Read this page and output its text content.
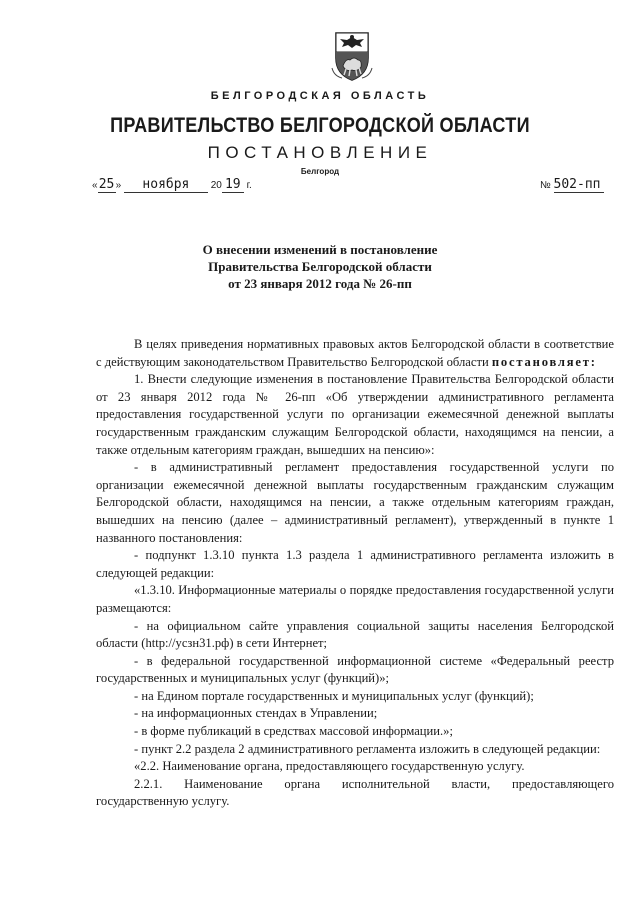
БЕЛГОРОДСКАЯ ОБЛАСТЬ
ПРАВИТЕЛЬСТВО БЕЛГОРОДСКОЙ ОБЛАСТИ
ПОСТАНОВЛЕНИЕ
Белгород
«25» ноября 20 19 г.	№ 502-пп
О внесении изменений в постановление
Правительства Белгородской области
от 23 января 2012 года № 26-пп

В целях приведения нормативных правовых актов Белгородской области в соответствие с действующим законодательством Правительство Белгородской области постановляет:

1. Внести следующие изменения в постановление Правительства Белгородской области от 23 января 2012 года № 26-пп «Об утверждении административного регламента предоставления государственной услуги по организации ежемесячной денежной выплаты государственным гражданским служащим Белгородской области, находящимся на пенсии, а также отдельным категориям граждан, вышедших на пенсию»:

- в административный регламент предоставления государственной услуги по организации ежемесячной денежной выплаты государственным гражданским служащим Белгородской области, находящимся на пенсии, а также отдельным категориям граждан, вышедших на пенсию (далее – административный регламент), утвержденный в пункте 1 названного постановления:

- подпункт 1.3.10 пункта 1.3 раздела 1 административного регламента изложить в следующей редакции:

«1.3.10. Информационные материалы о порядке предоставления государственной услуги размещаются:

- на официальном сайте управления социальной защиты населения Белгородской области (http://уcзн31.рф) в сети Интернет;

- в федеральной государственной информационной системе «Федеральный реестр государственных и муниципальных услуг (функций)»;

- на Едином портале государственных и муниципальных услуг (функций);

- на информационных стендах в Управлении;

- в форме публикаций в средствах массовой информации.»;

- пункт 2.2 раздела 2 административного регламента изложить в следующей редакции:

«2.2. Наименование органа, предоставляющего государственную услугу.

2.2.1. Наименование органа исполнительной власти, предоставляющего государственную услугу.
